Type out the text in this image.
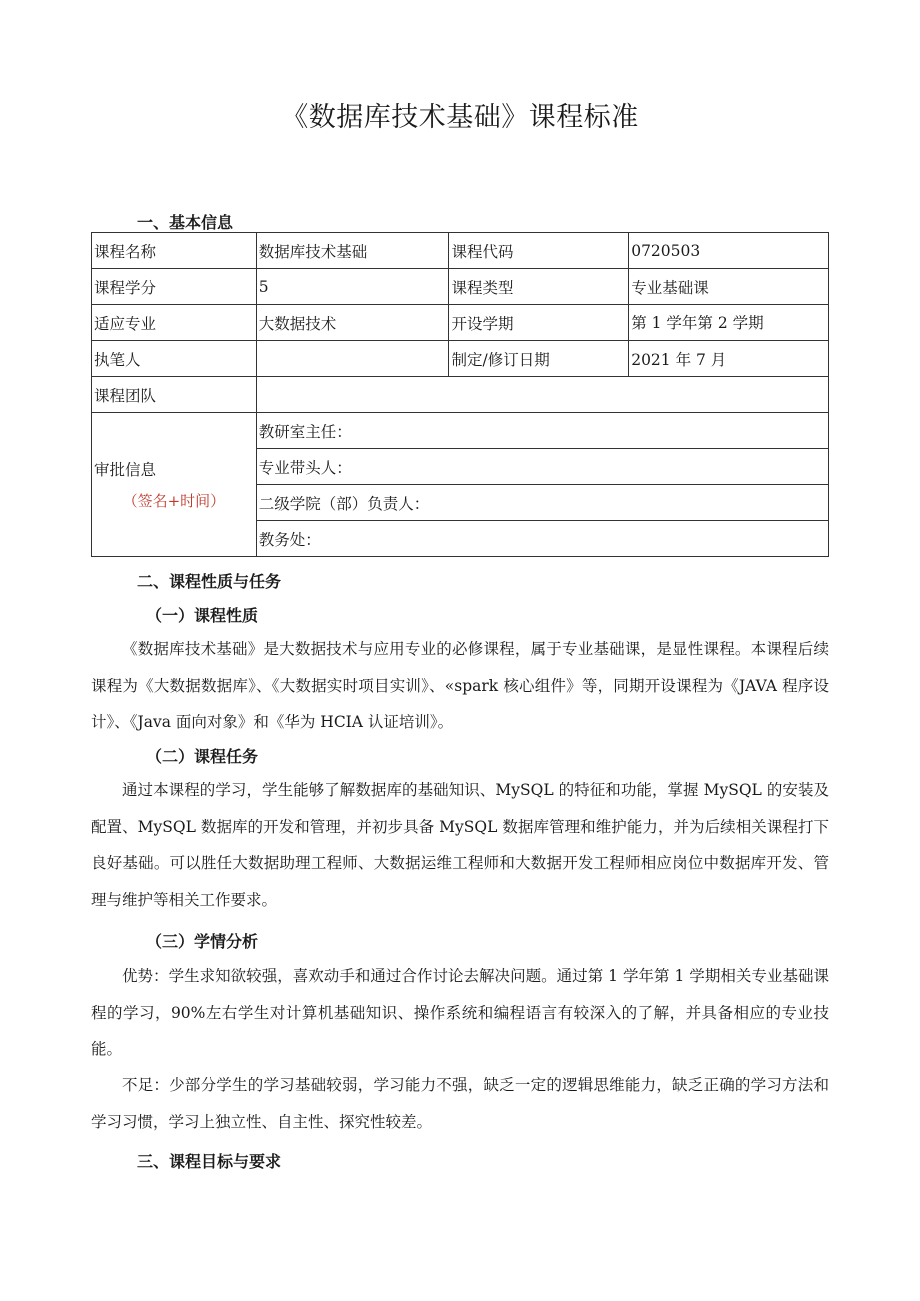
《数据库技术基础》课程标准
一、基本信息
课程名称	数据库技术基础	课程代码	0720503
课程学分	5	课程类型	专业基础课
适应专业	大数据技术	开设学期	第 1 学年第 2 学期
执笔人		制定/修订日期	2021 年 7 月
课程团队			
审批信息
（签名+时间）	教研室主任：		
	专业带头人：		
	二级学院（部）负责人：		
	教务处：		
二、课程性质与任务
（一）课程性质

《数据库技术基础》是大数据技术与应用专业的必修课程，属于专业基础课，是显性课程。本课程后续课程为《大数据数据库》、《大数据实时项目实训》、«spark 核心组件》等，同期开设课程为《JAVA 程序设计》、《Java 面向对象》和《华为 HCIA 认证培训》。

（二）课程任务

通过本课程的学习，学生能够了解数据库的基础知识、MySQL 的特征和功能，掌握 MySQL 的安装及配置、MySQL 数据库的开发和管理，并初步具备 MySQL 数据库管理和维护能力，并为后续相关课程打下良好基础。可以胜任大数据助理工程师、大数据运维工程师和大数据开发工程师相应岗位中数据库开发、管理与维护等相关工作要求。

（三）学情分析

优势：学生求知欲较强，喜欢动手和通过合作讨论去解决问题。通过第 1 学年第 1 学期相关专业基础课程的学习，90%左右学生对计算机基础知识、操作系统和编程语言有较深入的了解，并具备相应的专业技能。

不足：少部分学生的学习基础较弱，学习能力不强，缺乏一定的逻辑思维能力，缺乏正确的学习方法和学习习惯，学习上独立性、自主性、探究性较差。

三、课程目标与要求
